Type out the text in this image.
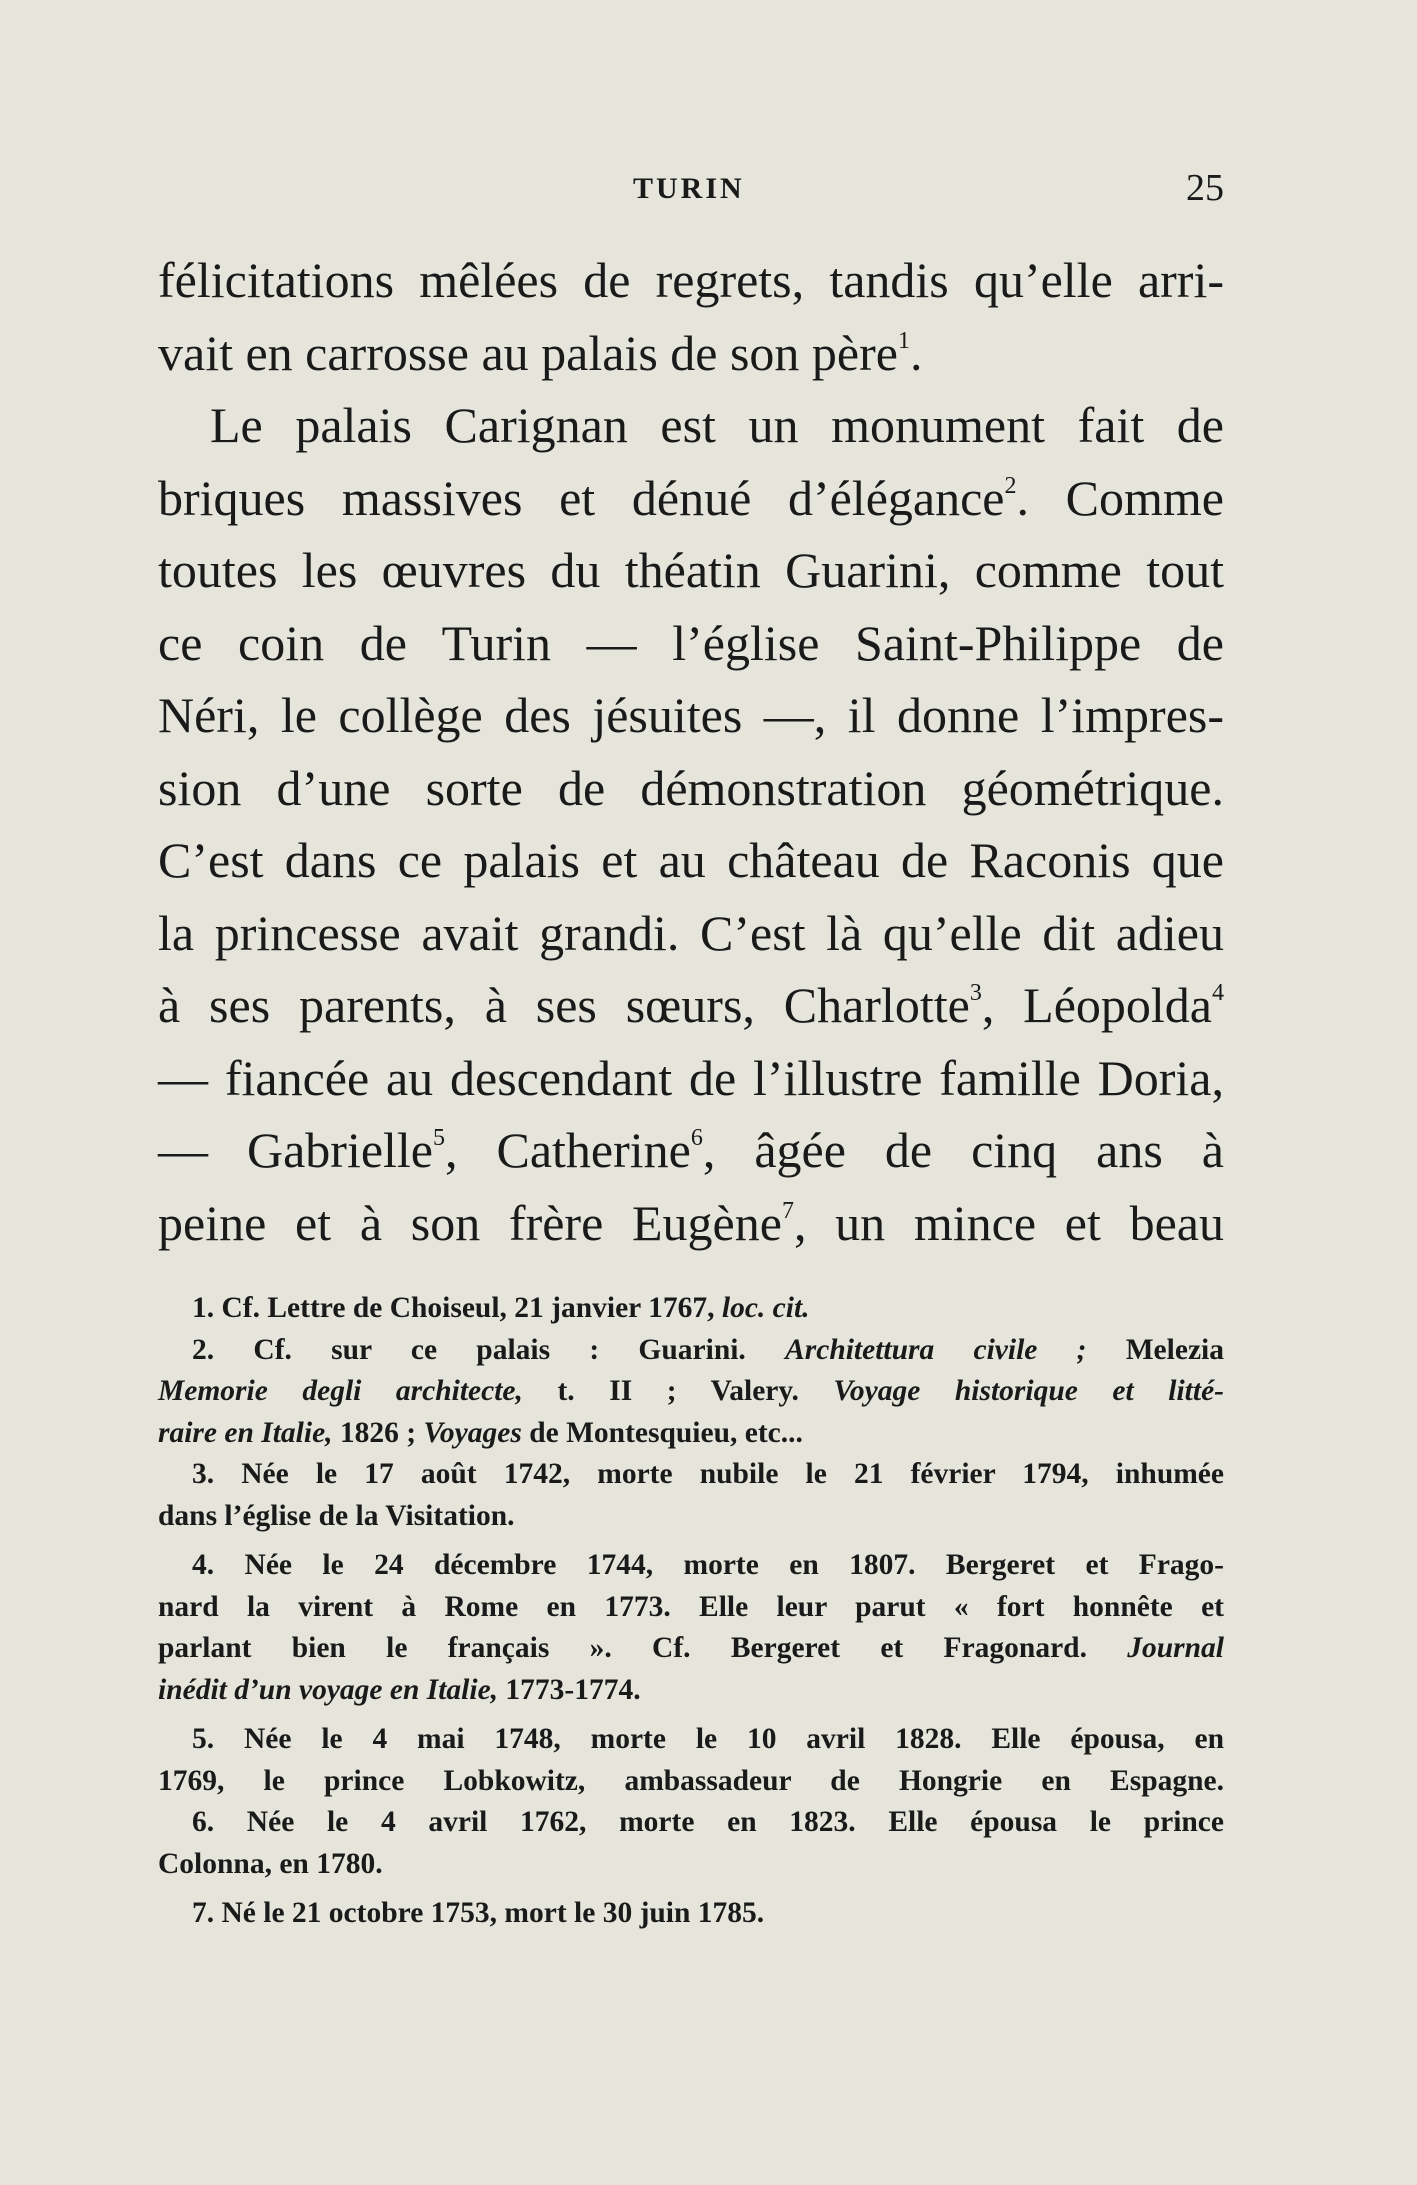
TURIN	25
félicitations mêlées de regrets, tandis qu’elle arri-
vait en carrosse au palais de son père$^1$.
Le palais Carignan est un monument fait de
briques massives et dénué d’élégance$^2$. Comme
toutes les œuvres du théatin Guarini, comme tout
ce coin de Turin — l’église Saint-Philippe de
Néri, le collège des jésuites —, il donne l’impres-
sion d’une sorte de démonstration géométrique.
C’est dans ce palais et au château de Raconis que
la princesse avait grandi. C’est là qu’elle dit adieu
à ses parents, à ses sœurs, Charlotte$^3$, Léopolda$^4$
— fiancée au descendant de l’illustre famille Doria,
— Gabrielle$^5$, Catherine$^6$, âgée de cinq ans à
peine et à son frère Eugène$^7$, un mince et beau
1. Cf. Lettre de Choiseul, 21 janvier 1767, loc. cit.
2. Cf. sur ce palais : Guarini. Architettura civile ; Melezia
Memorie degli architecte, t. II ; Valery. Voyage historique et litté-
raire en Italie, 1826 ; Voyages de Montesquieu, etc...
3. Née le 17 août 1742, morte nubile le 21 février 1794, inhumée
dans l’église de la Visitation.
4. Née le 24 décembre 1744, morte en 1807. Bergeret et Frago-
nard la virent à Rome en 1773. Elle leur parut « fort honnête et
parlant bien le français ». Cf. Bergeret et Fragonard. Journal
inédit d’un voyage en Italie, 1773-1774.
5. Née le 4 mai 1748, morte le 10 avril 1828. Elle épousa, en
1769, le prince Lobkowitz, ambassadeur de Hongrie en Espagne.
6. Née le 4 avril 1762, morte en 1823. Elle épousa le prince
Colonna, en 1780.
7. Né le 21 octobre 1753, mort le 30 juin 1785.
